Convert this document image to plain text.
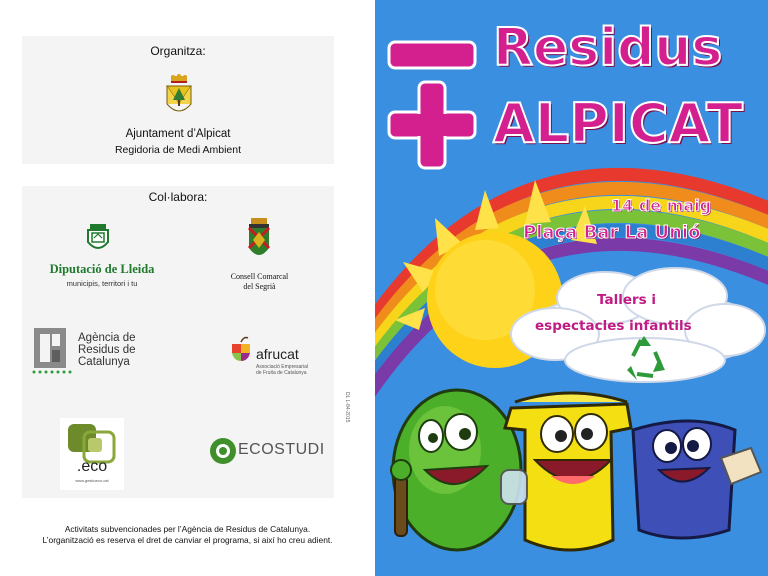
Organitza:
Ajuntament d’Alpicat
Regidoria de Medi Ambient
Col·labora:
Diputació de Lleida
municipis, territori i tu
Consell Comarcal
del Segrià
Agència de
Residus de
Catalunya	afrucat
Associació Empresarial
de Fruita de Catalunya
.eco
www.gestioeco.cat
ECOSTUDI
Activitats subvencionades per l’Agència de Residus de Catalunya.
L’organització es reserva el dret de canviar el programa, si així ho creu adient.
DL L-84-2015
Residus
ALPICAT
14 de maig
Plaça Bar La Unió
Tallers i
espectacles infantils
